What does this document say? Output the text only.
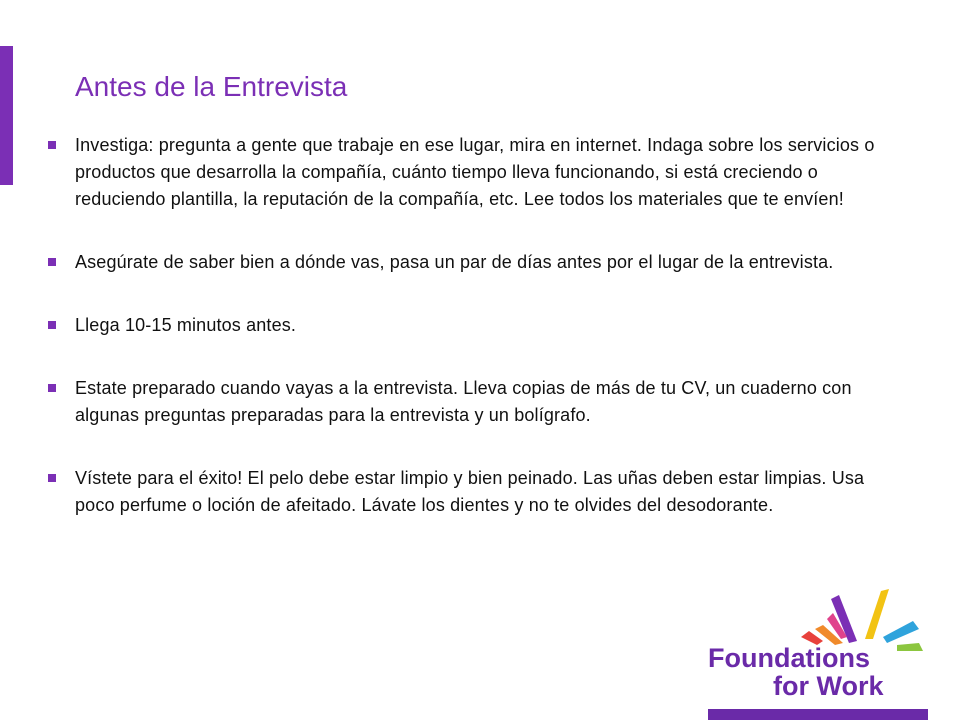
Antes de la Entrevista
Investiga: pregunta a gente que trabaje en ese lugar, mira en internet. Indaga sobre los servicios o productos que desarrolla la compañía, cuánto tiempo lleva funcionando, si está creciendo o reduciendo plantilla, la reputación de la compañía, etc. Lee todos los materiales que te envíen!
Asegúrate de saber bien a dónde vas, pasa un par de días antes por el lugar de la entrevista.
Llega 10-15 minutos antes.
Estate preparado cuando vayas a la entrevista. Lleva copias de más de tu CV, un cuaderno con algunas preguntas preparadas para la entrevista y un bolígrafo.
Vístete para el éxito! El pelo debe estar limpio y bien peinado. Las uñas deben estar limpias. Usa poco perfume o loción de afeitado. Lávate los dientes y no te olvides del desodorante.
Foundations
for Work
